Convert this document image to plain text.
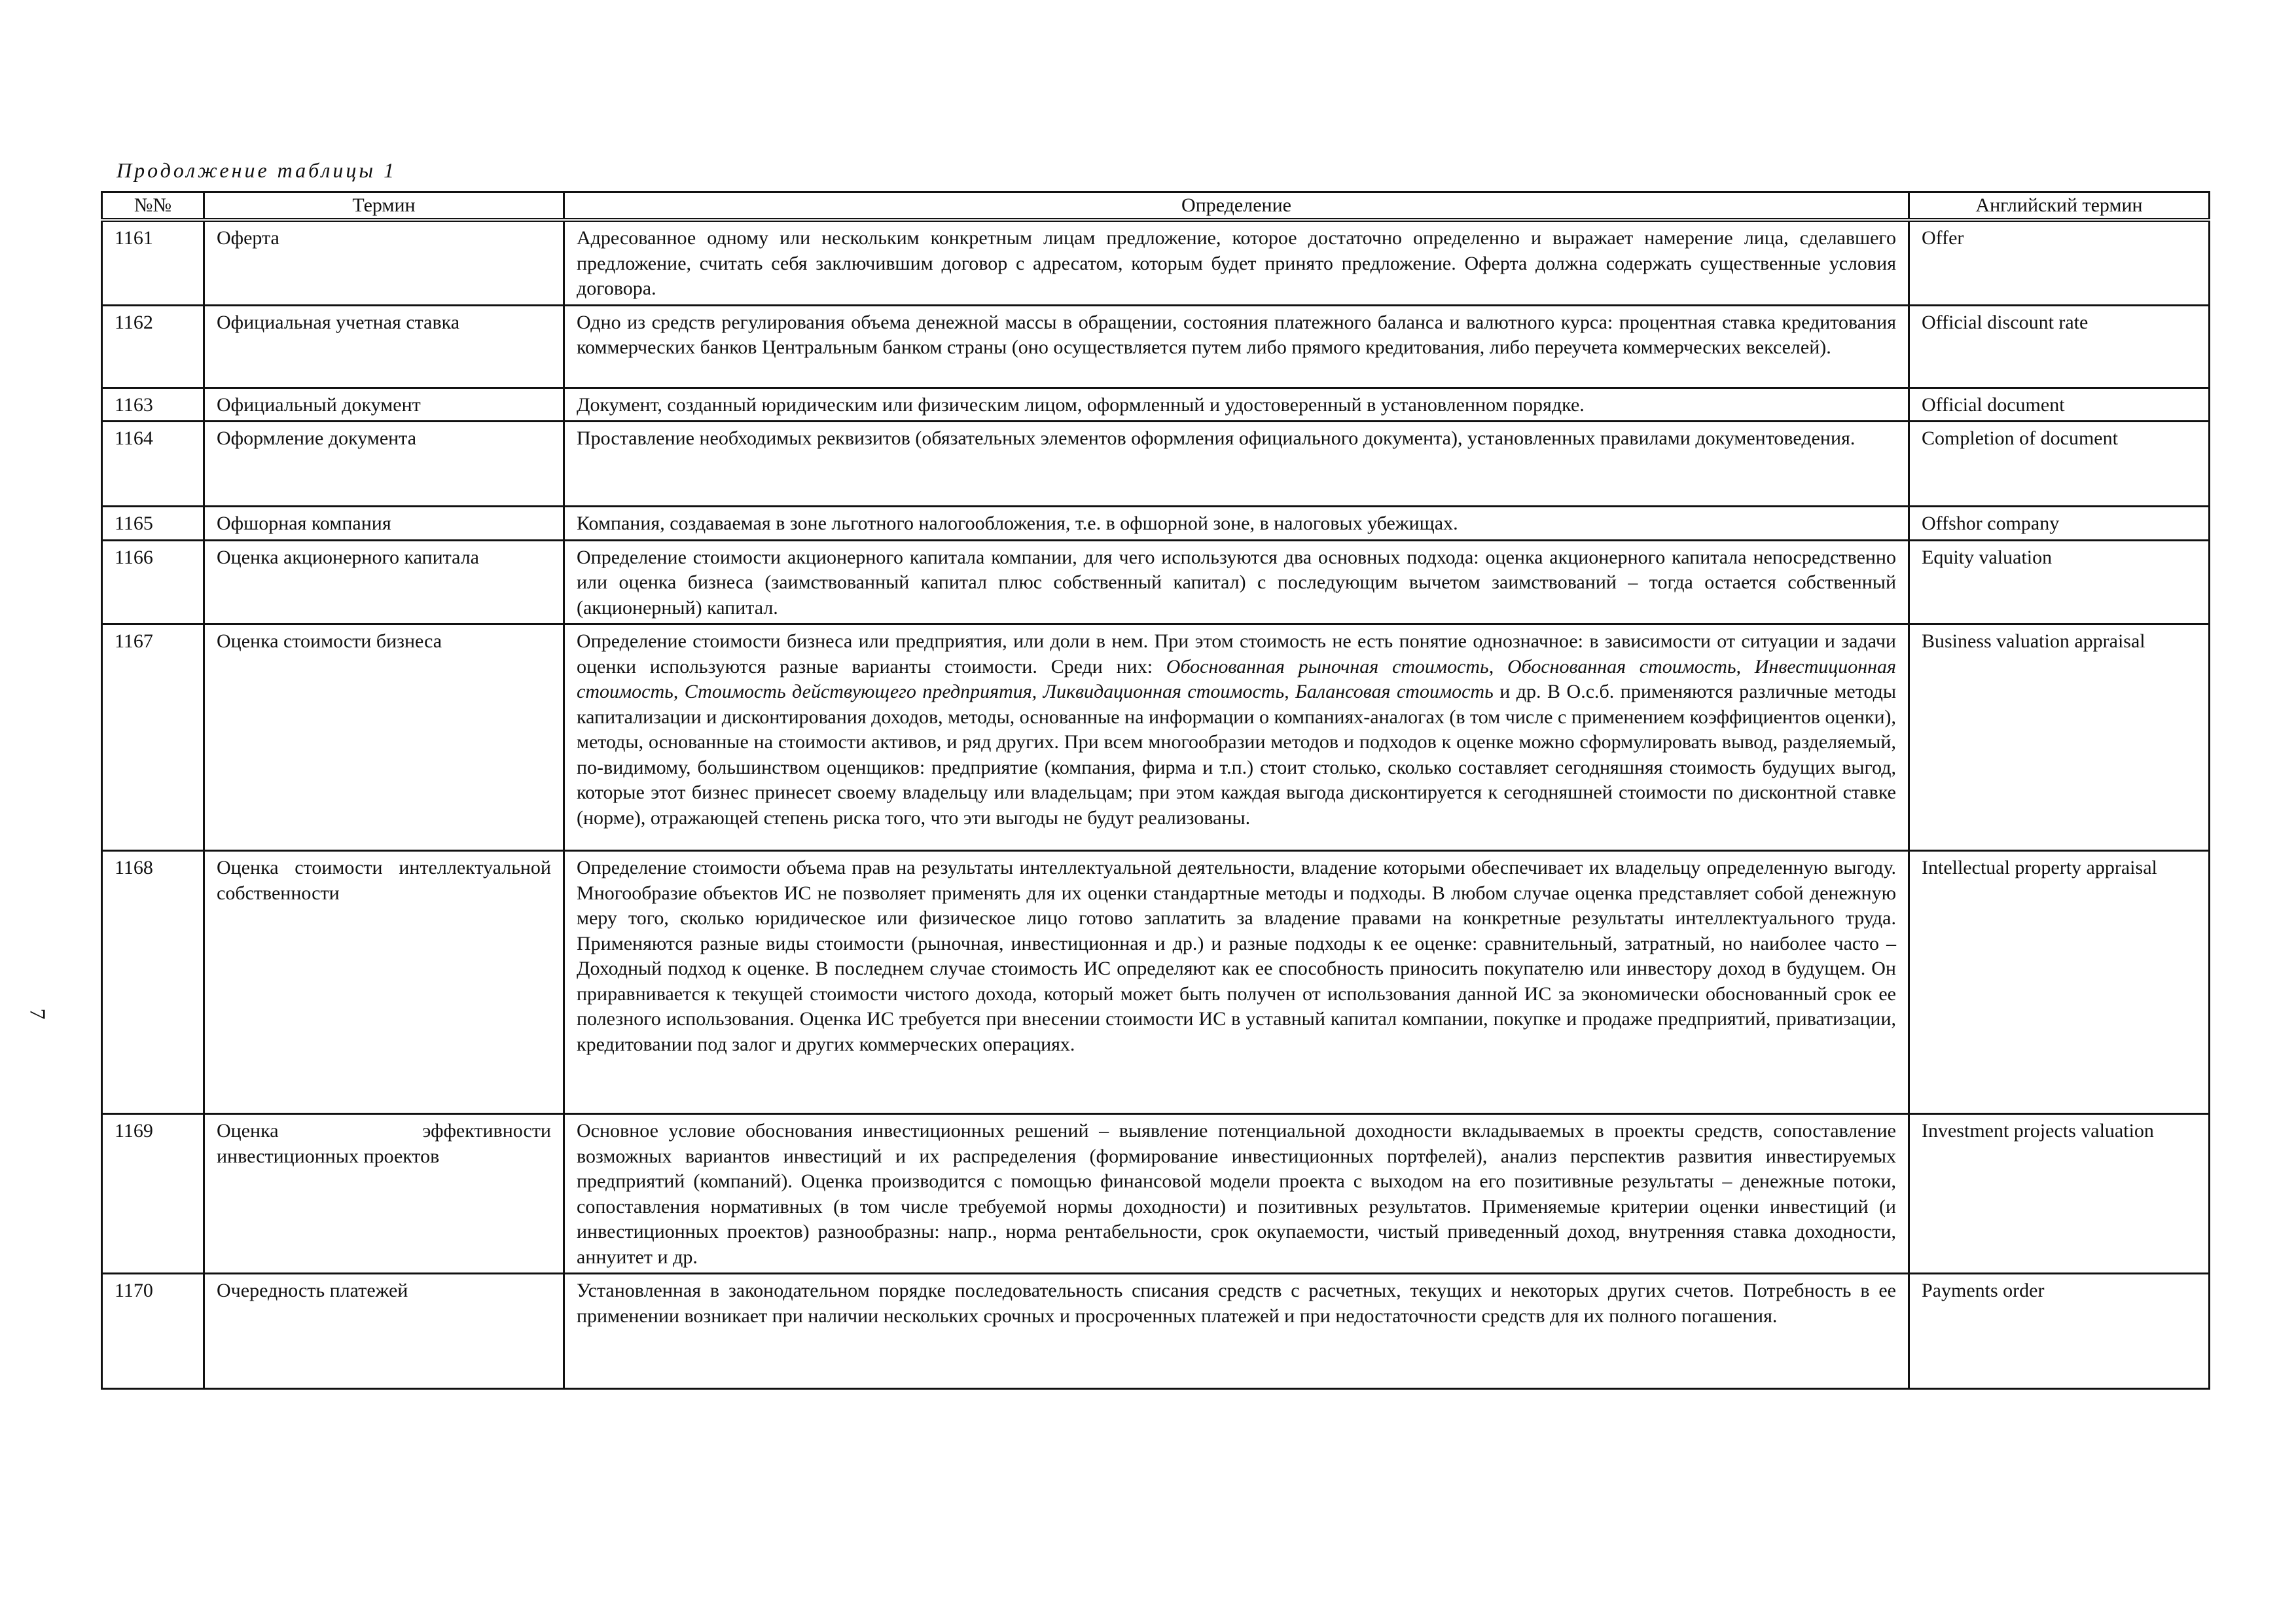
Продолжение таблицы 1

7

№№	Термин	Определение	Английский термин
1161	Оферта	Адресованное одному или нескольким конкретным лицам предложение, которое достаточно определенно и выражает намерение лица, сделавшего предложение, считать себя заключившим договор с адресатом, которым будет принято предложение. Оферта должна содержать существенные условия договора.	Offer
1162	Официальная учетная ставка	Одно из средств регулирования объема денежной массы в обращении, состояния платежного баланса и валютного курса: процентная ставка кредитования коммерческих банков Центральным банком страны (оно осуществляется путем либо прямого кредитования, либо переучета коммерческих векселей).	Official discount rate
1163	Официальный документ	Документ, созданный юридическим или физическим лицом, оформленный и удостоверенный в установленном порядке.	Official document
1164	Оформление документа	Проставление необходимых реквизитов (обязательных элементов оформления официального документа), установленных правилами документоведения.	Completion of document
1165	Офшорная компания	Компания, создаваемая в зоне льготного налогообложения, т.е. в офшорной зоне, в налоговых убежищах.	Offshor company
1166	Оценка акционерного капитала	Определение стоимости акционерного капитала компании, для чего используются два основных подхода: оценка акционерного капитала непосредственно или оценка бизнеса (заимствованный капитал плюс собственный капитал) с последующим вычетом заимствований – тогда остается собственный (акционерный) капитал.	Equity valuation
1167	Оценка стоимости бизнеса	Определение стоимости бизнеса или предприятия, или доли в нем. При этом стоимость не есть понятие однозначное: в зависимости от ситуации и задачи оценки используются разные варианты стоимости. Среди них: Обоснованная рыночная стоимость, Обоснованная стоимость, Инвестиционная стоимость, Стоимость действующего предприятия, Ликвидационная стоимость, Балансовая стоимость и др. В О.с.б. применяются различные методы капитализации и дисконтирования доходов, методы, основанные на информации о компаниях-аналогах (в том числе с применением коэффициентов оценки), методы, основанные на стоимости активов, и ряд других. При всем многообразии методов и подходов к оценке можно сформулировать вывод, разделяемый, по-видимому, большинством оценщиков: предприятие (компания, фирма и т.п.) стоит столько, сколько составляет сегодняшняя стоимость будущих выгод, которые этот бизнес принесет своему владельцу или владельцам; при этом каждая выгода дисконтируется к сегодняшней стоимости по дисконтной ставке (норме), отражающей степень риска того, что эти выгоды не будут реализованы.	Business valuation appraisal
1168	Оценка стоимости интеллектуальной собственности	Определение стоимости объема прав на результаты интеллектуальной деятельности, владение которыми обеспечивает их владельцу определенную выгоду. Многообразие объектов ИС не позволяет применять для их оценки стандартные методы и подходы. В любом случае оценка представляет собой денежную меру того, сколько юридическое или физическое лицо готово заплатить за владение правами на конкретные результаты интеллектуального труда. Применяются разные виды стоимости (рыночная, инвестиционная и др.) и разные подходы к ее оценке: сравнительный, затратный, но наиболее часто – Доходный подход к оценке. В последнем случае стоимость ИС определяют как ее способность приносить покупателю или инвестору доход в будущем. Он приравнивается к текущей стоимости чистого дохода, который может быть получен от использования данной ИС за экономически обоснованный срок ее полезного использования. Оценка ИС требуется при внесении стоимости ИС в уставный капитал компании, покупке и продаже предприятий, приватизации, кредитовании под залог и других коммерческих операциях.	Intellectual property appraisal
1169	Оценка эффективности инвестиционных проектов	Основное условие обоснования инвестиционных решений – выявление потенциальной доходности вкладываемых в проекты средств, сопоставление возможных вариантов инвестиций и их распределения (формирование инвестиционных портфелей), анализ перспектив развития инвестируемых предприятий (компаний). Оценка производится с помощью финансовой модели проекта с выходом на его позитивные результаты – денежные потоки, сопоставления нормативных (в том числе требуемой нормы доходности) и позитивных результатов. Применяемые критерии оценки инвестиций (и инвестиционных проектов) разнообразны: напр., норма рентабельности, срок окупаемости, чистый приведенный доход, внутренняя ставка доходности, аннуитет и др.	Investment projects valuation
1170	Очередность платежей	Установленная в законодательном порядке последовательность списания средств с расчетных, текущих и некоторых других счетов. Потребность в ее применении возникает при наличии нескольких срочных и просроченных платежей и при недостаточности средств для их полного погашения.	Payments order
